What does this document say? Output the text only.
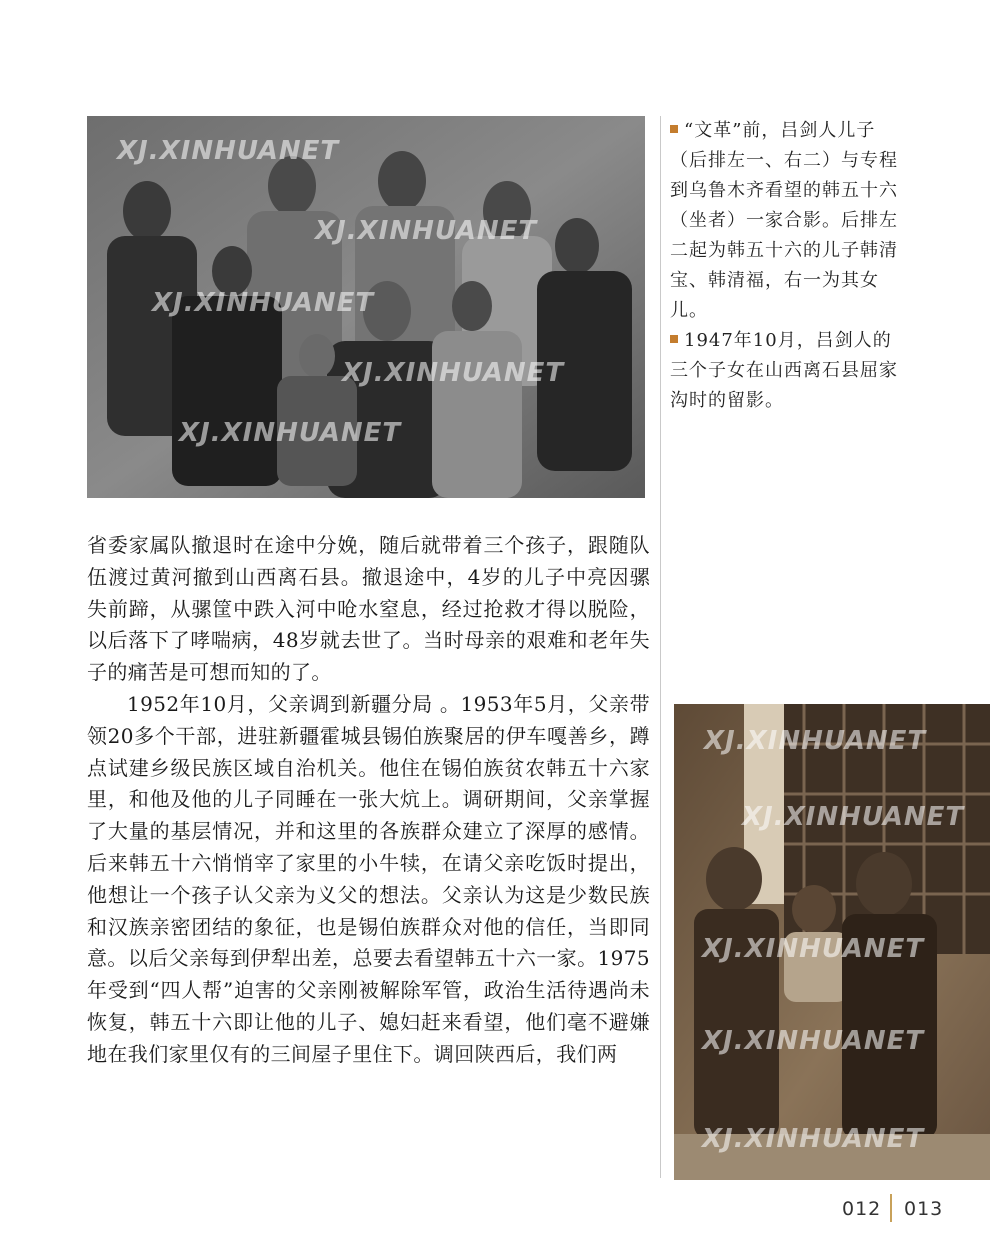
XJ.XINHUANET
XJ.XINHUANET
XJ.XINHUANET
XJ.XINHUANET
XJ.XINHUANET

“文革”前，吕剑人儿子（后排左一、右二）与专程到乌鲁木齐看望的韩五十六（坐者）一家合影。后排左二起为韩五十六的儿子韩清宝、韩清福，右一为其女儿。

1947年10月，吕剑人的三个子女在山西离石县屈家沟时的留影。

省委家属队撤退时在途中分娩，随后就带着三个孩子，跟随队伍渡过黄河撤到山西离石县。撤退途中，4岁的儿子中亮因骡失前蹄，从骡筐中跌入河中呛水窒息，经过抢救才得以脱险，以后落下了哮喘病，48岁就去世了。当时母亲的艰难和老年失子的痛苦是可想而知的了。

1952年10月，父亲调到新疆分局 。1953年5月，父亲带领20多个干部，进驻新疆霍城县锡伯族聚居的伊车嘎善乡，蹲点试建乡级民族区域自治机关。他住在锡伯族贫农韩五十六家里，和他及他的儿子同睡在一张大炕上。调研期间，父亲掌握了大量的基层情况，并和这里的各族群众建立了深厚的感情。后来韩五十六悄悄宰了家里的小牛犊，在请父亲吃饭时提出，他想让一个孩子认父亲为义父的想法。父亲认为这是少数民族和汉族亲密团结的象征，也是锡伯族群众对他的信任，当即同意。以后父亲每到伊犁出差，总要去看望韩五十六一家。1975年受到“四人帮”迫害的父亲刚被解除军管，政治生活待遇尚未恢复，韩五十六即让他的儿子、媳妇赶来看望，他们毫不避嫌地在我们家里仅有的三间屋子里住下。调回陕西后，我们两

XJ.XINHUANET
XJ.XINHUANET
XJ.XINHUANET
XJ.XINHUANET
XJ.XINHUANET
012 013
